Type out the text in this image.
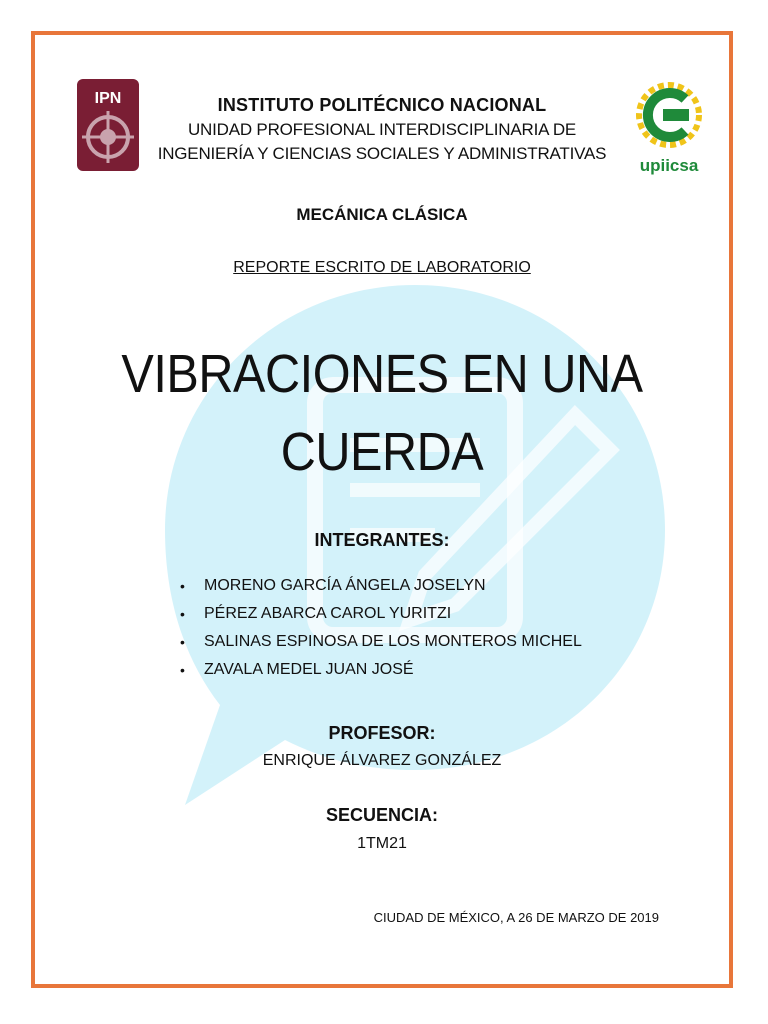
IPN
upiicsa
INSTITUTO POLITÉCNICO NACIONAL
UNIDAD PROFESIONAL INTERDISCIPLINARIA DE
INGENIERÍA Y CIENCIAS SOCIALES Y ADMINISTRATIVAS
MECÁNICA CLÁSICA
REPORTE ESCRITO DE LABORATORIO
VIBRACIONES EN UNA
CUERDA
INTEGRANTES:
• MORENO GARCÍA ÁNGELA JOSELYN
• PÉREZ ABARCA CAROL YURITZI
• SALINAS ESPINOSA DE LOS MONTEROS MICHEL
• ZAVALA MEDEL JUAN JOSÉ
PROFESOR:
ENRIQUE ÁLVAREZ GONZÁLEZ
SECUENCIA:
1TM21
CIUDAD DE MÉXICO, A 26 DE MARZO DE 2019
